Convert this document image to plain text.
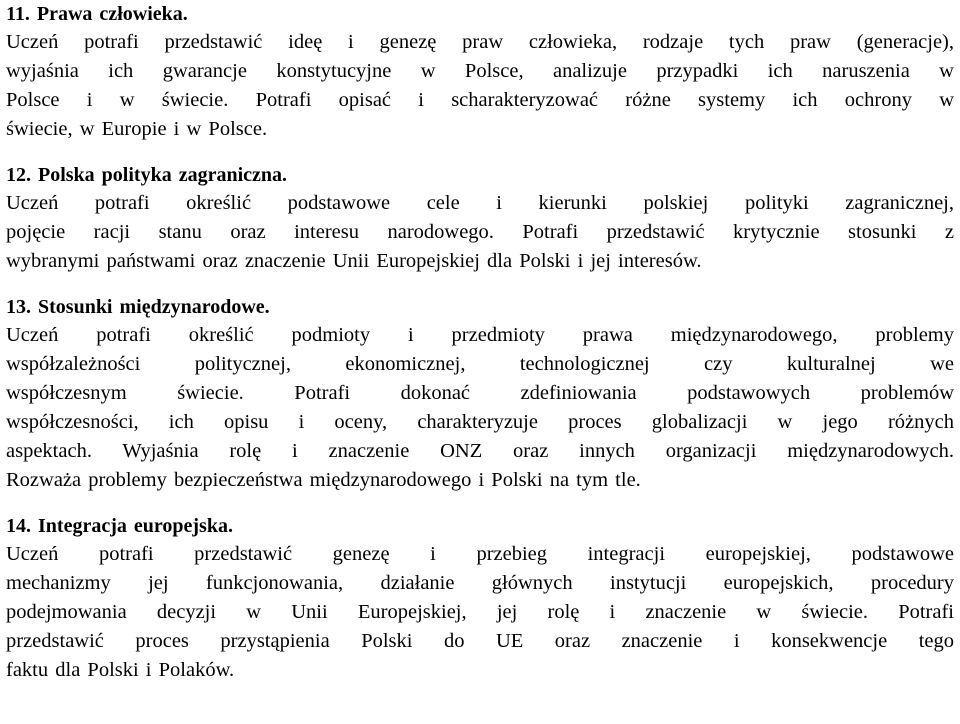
11. Prawa człowieka.

Uczeń potrafi przedstawić ideę i genezę praw człowieka, rodzaje tych praw (generacje),

wyjaśnia ich gwarancje konstytucyjne w Polsce, analizuje przypadki ich naruszenia w

Polsce i w świecie. Potrafi opisać i scharakteryzować różne systemy ich ochrony w

świecie, w Europie i w Polsce.

12. Polska polityka zagraniczna.

Uczeń potrafi określić podstawowe cele i kierunki polskiej polityki zagranicznej,

pojęcie racji stanu oraz interesu narodowego. Potrafi przedstawić krytycznie stosunki z

wybranymi państwami oraz znaczenie Unii Europejskiej dla Polski i jej interesów.

13. Stosunki międzynarodowe.

Uczeń potrafi określić podmioty i przedmioty prawa międzynarodowego, problemy

współzależności politycznej, ekonomicznej, technologicznej czy kulturalnej we

współczesnym świecie. Potrafi dokonać zdefiniowania podstawowych problemów

współczesności, ich opisu i oceny, charakteryzuje proces globalizacji w jego różnych

aspektach. Wyjaśnia rolę i znaczenie ONZ oraz innych organizacji międzynarodowych.

Rozważa problemy bezpieczeństwa międzynarodowego i Polski na tym tle.

14. Integracja europejska.

Uczeń potrafi przedstawić genezę i przebieg integracji europejskiej, podstawowe

mechanizmy jej funkcjonowania, działanie głównych instytucji europejskich, procedury

podejmowania decyzji w Unii Europejskiej, jej rolę i znaczenie w świecie. Potrafi

przedstawić proces przystąpienia Polski do UE oraz znaczenie i konsekwencje tego

faktu dla Polski i Polaków.
